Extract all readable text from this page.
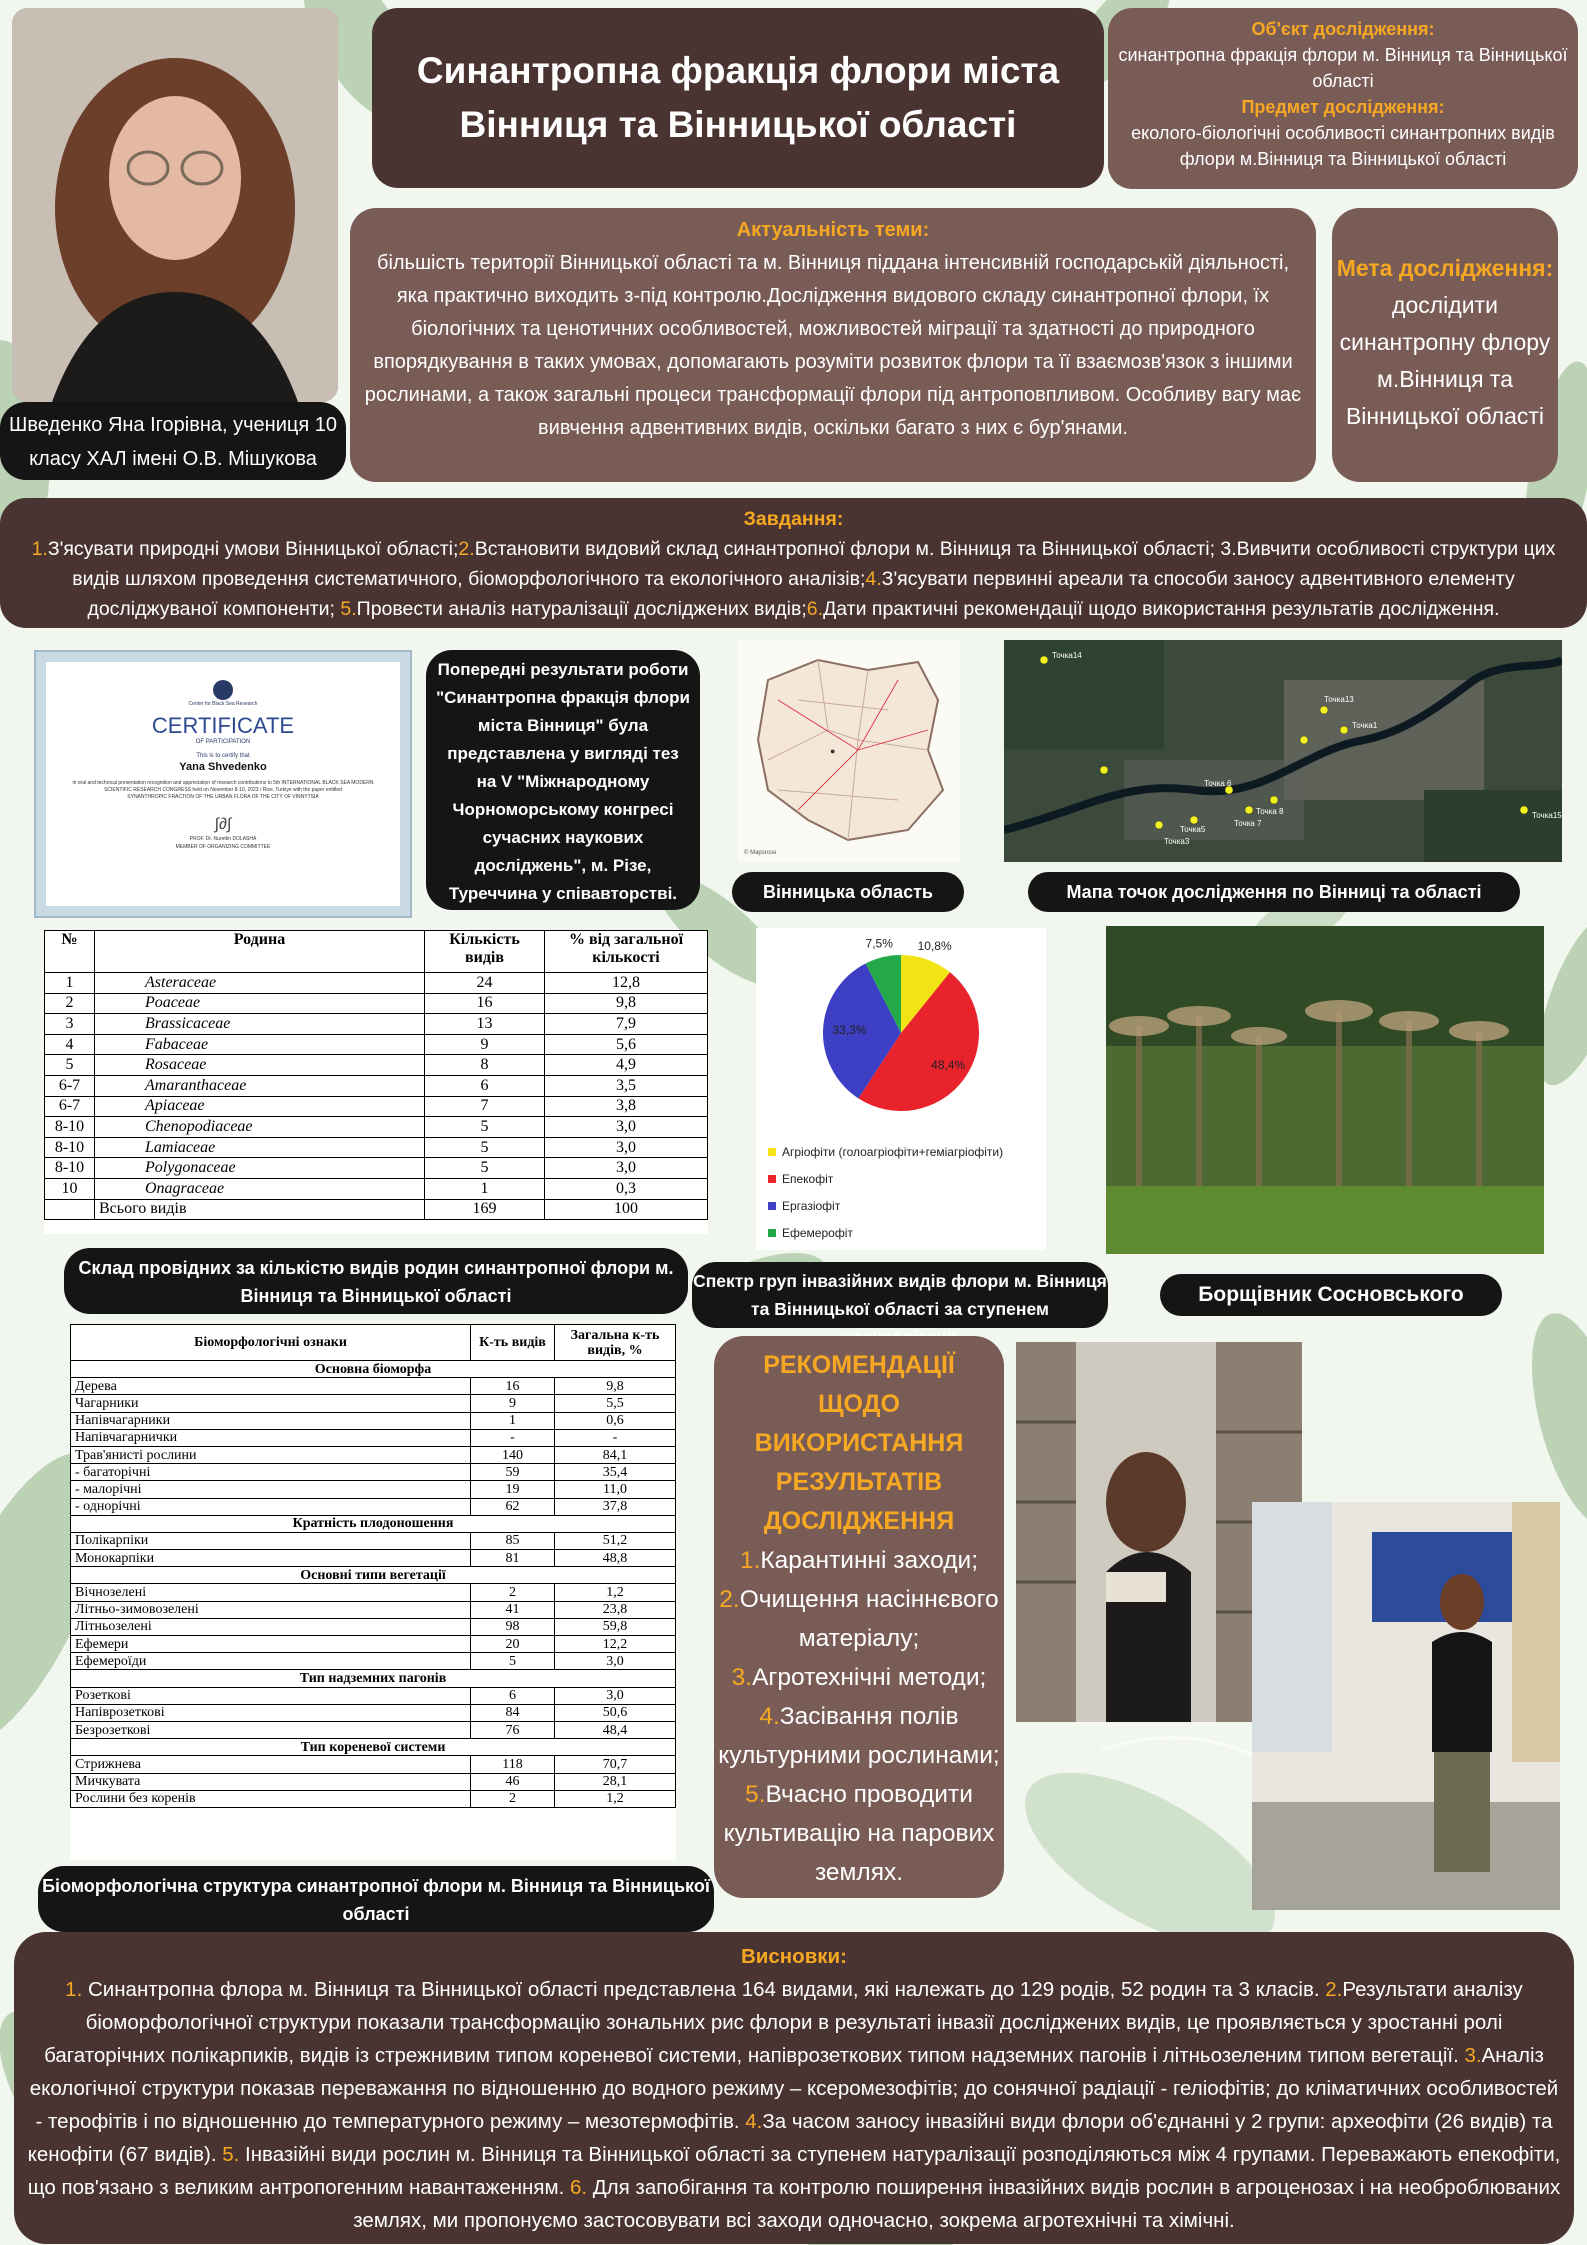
Шведенко Яна Ігорівна, учениця 10 класу ХАЛ імені О.В. Мішукова
Синантропна фракція флори міста Вінниця та Вінницької області
Об'єкт дослідження:
синантропна фракція флори м. Вінниця та Вінницької області
Предмет дослідження:
еколого-біологічні особливості синантропних видів флори м.Вінниця та Вінницької області
Актуальність теми:
більшість території Вінницької області та м. Вінниця піддана інтенсивній господарській діяльності, яка практично виходить з-під контролю.Дослідження видового складу синантропної флори, їх біологічних та ценотичних особливостей, можливостей міграції та здатності до природного впорядкування в таких умовах, допомагають розуміти розвиток флори та її взаємозв'язок з іншими рослинами, а також загальні процеси трансформації флори під антроповпливом. Особливу вагу має вивчення адвентивних видів, оскільки багато з них є бур'янами.
Мета дослідження:
дослідити синантропну флору м.Вінниця та Вінницької області
Завдання:
1.З'ясувати природні умови Вінницької області;2.Встановити видовий склад синантропної флори м. Вінниця та Вінницької області; 3.Вивчити особливості структури цих видів шляхом проведення систематичного, біоморфологічного та екологічного аналізів;4.З'ясувати первинні ареали та способи заносу адвентивного елементу досліджуваної компоненти; 5.Провести аналіз натуралізації досліджених видів;6.Дати практичні рекомендації щодо використання результатів дослідження.
Center for Black Sea Research
CERTIFICATE
OF PARTICIPATION
This is to certify that
Yana Shvedenko
in oral and technical presentation recognition and appreciation of research contributions to 5th INTERNATIONAL BLACK SEA MODERN SCIENTIFIC RESEARCH CONGRESS held on November 8-10, 2023 / Rize, Turkiye with the paper entitled
SYNANTHROPIC FRACTION OF THE URBAN FLORA OF THE CITY OF VINNYTSIA
∫∂∫
PROF. Dr. Nurettin DOLASHA
MEMBER OF ORGANIZING COMMITTEE
Попередні результати роботи "Синантропна фракція флори міста Вінниця" була представлена у вигляді тез на V "Міжнародному Чорноморському конгресі сучасних наукових досліджень", м. Різе, Туреччина у співавторстві.
●
© Mapsrose
Вінницька область
Точка14
Точка13
Точка1
Точка 6
Точка 8
Точка5
Точка 7
Точка3
Точка15
Мапа точок дослідження по Вінниці та області
№	Родина	Кількість видів	% від загальної кількості
1	Asteraceae	24	12,8
2	Poaceae	16	9,8
3	Brassicaceae	13	7,9
4	Fabaceae	9	5,6
5	Rosaceae	8	4,9
6-7	Amaranthaceae	6	3,5
6-7	Apiaceae	7	3,8
8-10	Chenopodiaceae	5	3,0
8-10	Lamiaceae	5	3,0
8-10	Polygonaceae	5	3,0
10	Onagraceae	1	0,3
	Всього видів	169	100
Склад провідних за кількістю видів родин синантропної флори м. Вінниця та Вінницької області
10,8%
48,4%
33,3%
7,5%
Агріофіти (голоагріофіти+геміагріофіти)
Епекофіт
Ергазіофіт
Ефемерофіт
Спектр груп інвазійних видів флори м. Вінниця та Вінницької області за ступенем
Борщівник Сосновського
Біоморфологічні ознаки	К-ть видів	Загальна к-ть видів, %
Основна біоморфа		
Дерева	16	9,8
Чагарники	9	5,5
Напівчагарники	1	0,6
Напівчагарнички	-	-
Трав'янисті рослини	140	84,1
- багаторічні	59	35,4
- малорічні	19	11,0
- однорічні	62	37,8
Кратність плодоношення		
Полікарпіки	85	51,2
Монокарпіки	81	48,8
Основні типи вегетації		
Вічнозелені	2	1,2
Літньо-зимовозелені	41	23,8
Літньозелені	98	59,8
Ефемери	20	12,2
Ефемероїди	5	3,0
Тип надземних пагонів		
Розеткові	6	3,0
Напіврозеткові	84	50,6
Безрозеткові	76	48,4
Тип кореневої системи		
Стрижнева	118	70,7
Мичкувата	46	28,1
Рослини без коренів	2	1,2
Біоморфологічна структура синантропної флори м. Вінниця та Вінницької області
РЕКОМЕНДАЦІЇ ЩОДО ВИКОРИСТАННЯ РЕЗУЛЬТАТІВ ДОСЛІДЖЕННЯ
1.Карантинні заходи;
2.Очищення насіннєвого матеріалу;
3.Агротехнічні методи;
4.Засівання полів культурними рослинами;
5.Вчасно проводити культивацію на парових землях.
Висновки:
1. Синантропна флора м. Вінниця та Вінницької області представлена 164 видами, які належать до 129 родів, 52 родин та 3 класів. 2.Результати аналізу біоморфологічної структури показали трансформацію зональних рис флори в результаті інвазії досліджених видів, це проявляється у зростанні ролі багаторічних полікарпиків, видів із стрежнивим типом кореневої системи, напіврозеткових типом надземних пагонів і літньозеленим типом вегетації. 3.Аналіз екологічної структури показав переважання по відношенню до водного режиму – ксеромезофітів; до сонячної радіації - геліофітів; до кліматичних особливостей - терофітів і по відношенню до температурного режиму – мезотермофітів. 4.За часом заносу інвазійні види флори об'єднанні у 2 групи: археофіти (26 видів) та кенофіти (67 видів). 5. Інвазійні види рослин м. Вінниця та Вінницької області за ступенем натуралізації розподіляються між 4 групами. Переважають епекофіти, що пов'язано з великим антропогенним навантаженням. 6. Для запобігання та контролю поширення інвазійних видів рослин в агроценозах і на необроблюваних землях, ми пропонуємо застосовувати всі заходи одночасно, зокрема агротехнічні та хімічні.
